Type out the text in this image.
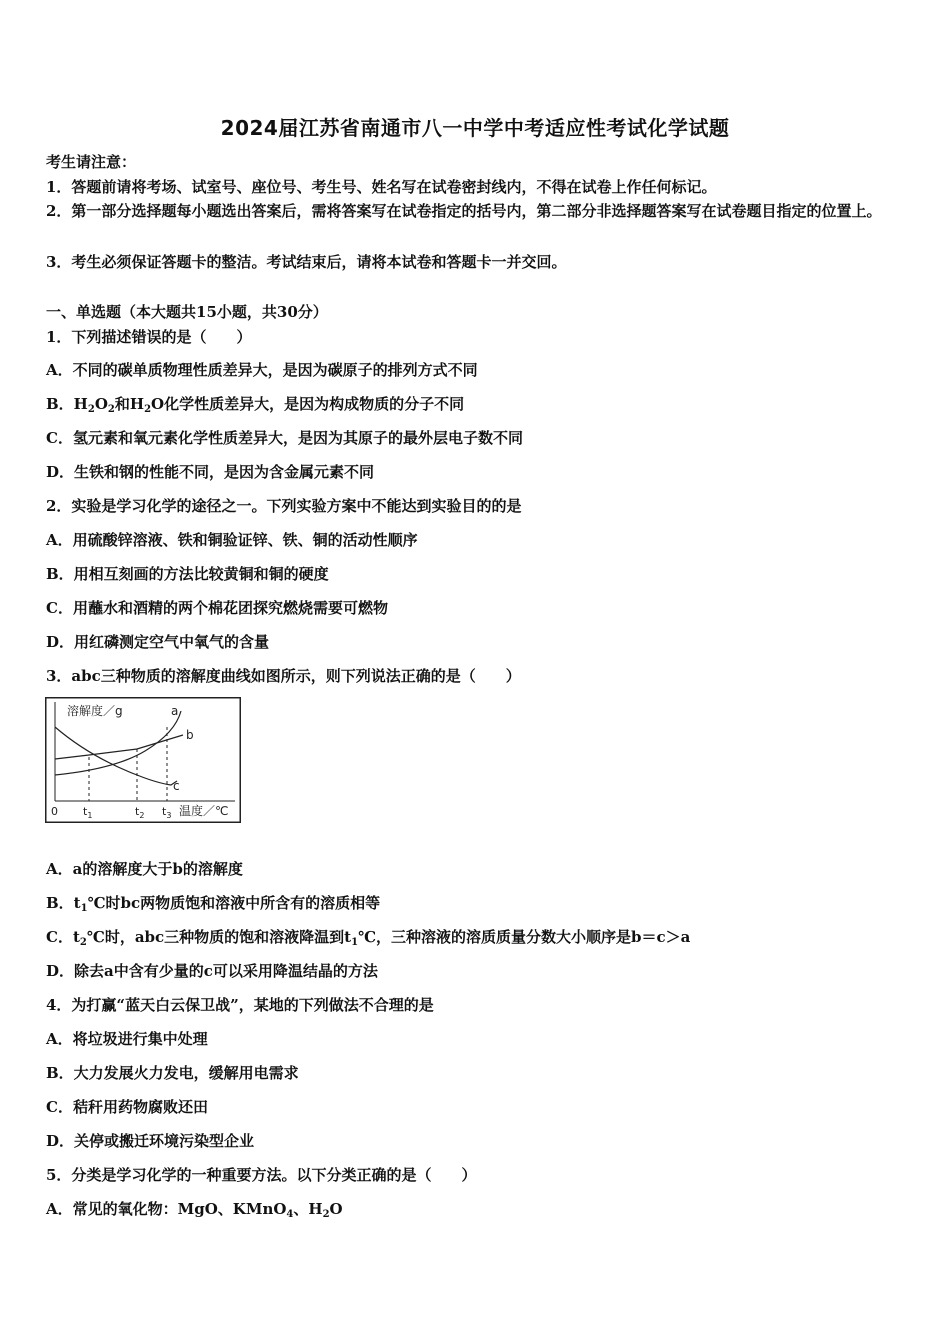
2024届江苏省南通市八一中学中考适应性考试化学试题
考生请注意：
1．答题前请将考场、试室号、座位号、考生号、姓名写在试卷密封线内，不得在试卷上作任何标记。
2．第一部分选择题每小题选出答案后，需将答案写在试卷指定的括号内，第二部分非选择题答案写在试卷题目指定的位置上。
3．考生必须保证答题卡的整洁。考试结束后，请将本试卷和答题卡一并交回。
一、单选题（本大题共15小题，共30分）
1．下列描述错误的是（　　）
A．不同的碳单质物理性质差异大，是因为碳原子的排列方式不同
B．$H_2O_2$和$H_2O$化学性质差异大，是因为构成物质的分子不同
C．氢元素和氧元素化学性质差异大，是因为其原子的最外层电子数不同
D．生铁和钢的性能不同，是因为含金属元素不同
2．实验是学习化学的途径之一。下列实验方案中不能达到实验目的的是
A．用硫酸锌溶液、铁和铜验证锌、铁、铜的活动性顺序
B．用相互刻画的方法比较黄铜和铜的硬度
C．用蘸水和酒精的两个棉花团探究燃烧需要可燃物
D．用红磷测定空气中氧气的含量
3．abc三种物质的溶解度曲线如图所示，则下列说法正确的是（　　）
溶解度／g	a
b
c
0 $t_1$	$t_2$ $t_3$ 温度／℃
A．a的溶解度大于b的溶解度
B．$t_1℃$时bc两物质饱和溶液中所含有的溶质相等
C．$t_2℃$时，abc三种物质的饱和溶液降温到$t_1℃$，三种溶液的溶质质量分数大小顺序是b＝c＞a
D．除去a中含有少量的c可以采用降温结晶的方法
4．为打赢“蓝天白云保卫战”，某地的下列做法不合理的是
A．将垃圾进行集中处理
B．大力发展火力发电，缓解用电需求
C．秸秆用药物腐败还田
D．关停或搬迁环境污染型企业
5．分类是学习化学的一种重要方法。以下分类正确的是（　　）
A．常见的氧化物：MgO、KMnO$_4$、$H_2O$
